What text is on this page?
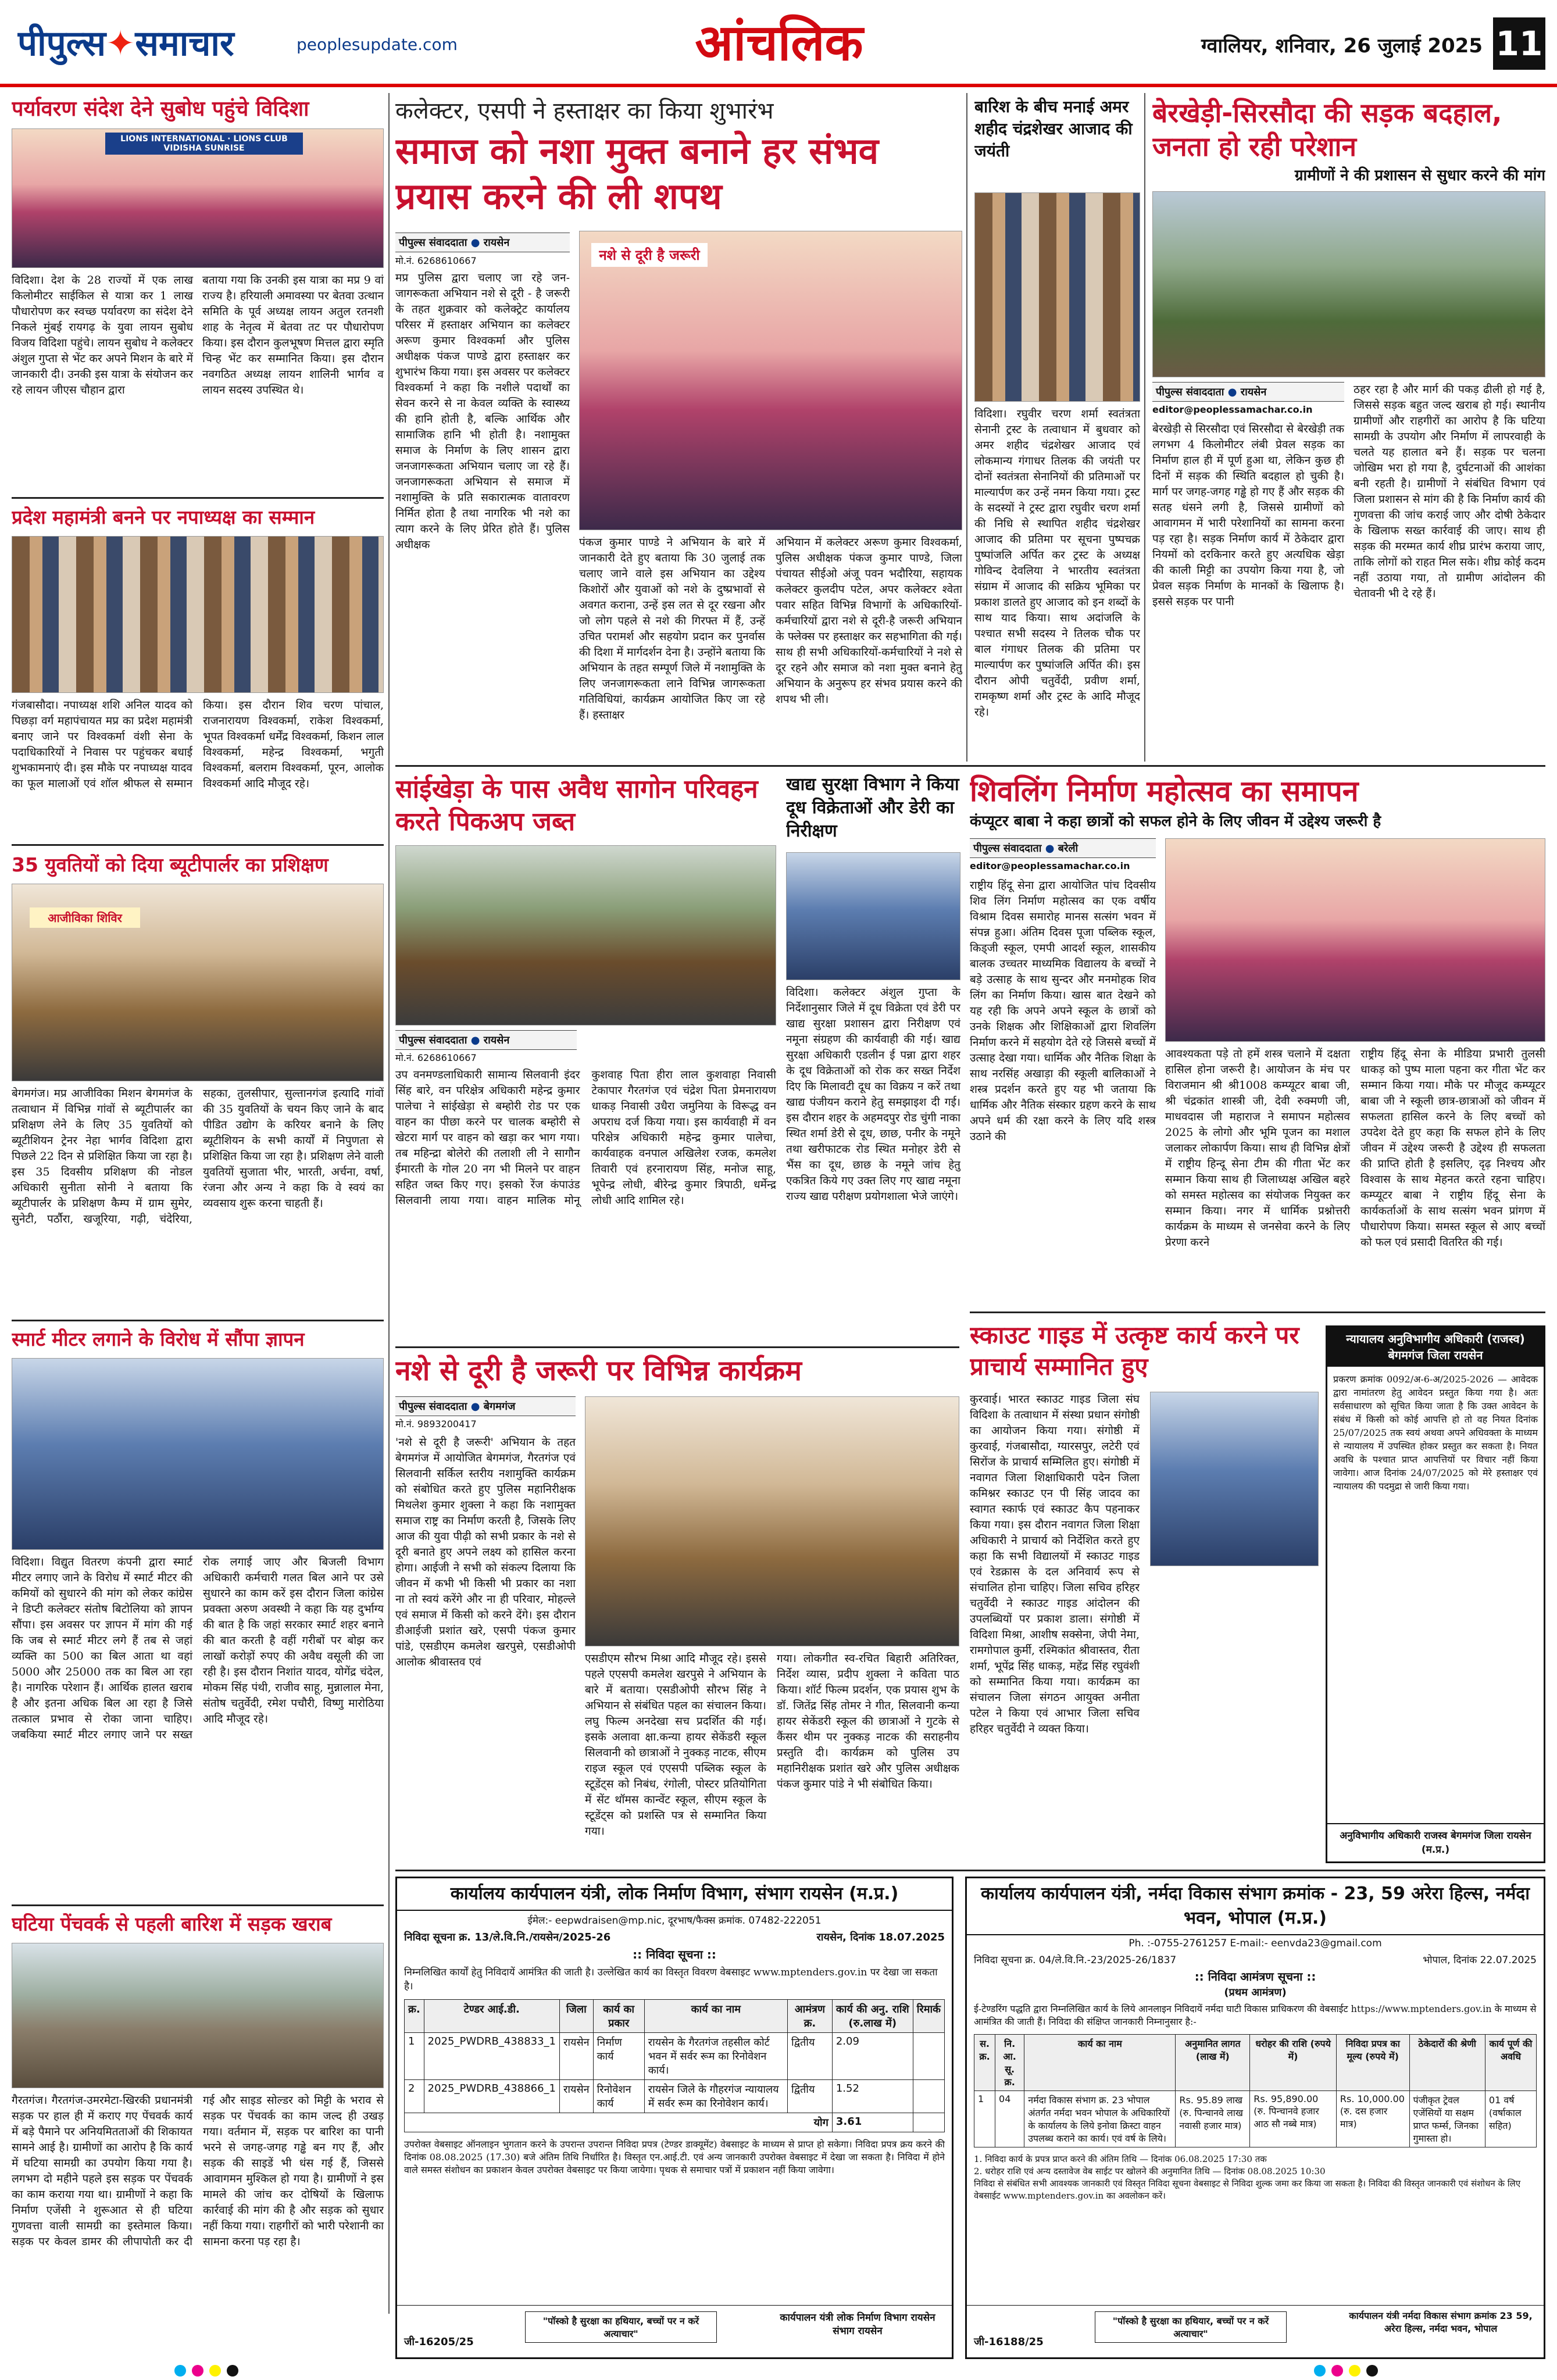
पीपुल्स✦समाचार	peoplesupdate.com	आंचलिक	ग्वालियर, शनिवार, 26 जुलाई 2025 11
पर्यावरण संदेश देने सुबोध पहुंचे विदिशा
LIONS INTERNATIONAL · LIONS CLUB VIDISHA SUNRISE
विदिशा। देश के 28 राज्यों में एक लाख किलोमीटर साईकिल से यात्रा कर 1 लाख पौधारोपण कर स्वच्छ पर्यावरण का संदेश देने निकले मुंबई रायगढ़ के युवा लायन सुबोध विजय विदिशा पहुंचे। लायन सुबोध ने कलेक्टर अंशुल गुप्ता से भेंट कर अपने मिशन के बारे में जानकारी दी। उनकी इस यात्रा के संयोजन कर रहे लायन जीएस चौहान द्वारा
बताया गया कि उनकी इस यात्रा का मप्र 9 वां राज्य है। हरियाली अमावस्या पर बेतवा उत्थान समिति के पूर्व अध्यक्ष लायन अतुल रतनशी शाह के नेतृत्व में बेतवा तट पर पौधारोपण किया। इस दौरान कुलभूषण मित्तल द्वारा स्मृति चिन्ह भेंट कर सम्मानित किया। इस दौरान नवगठित अध्यक्ष लायन शालिनी भार्गव व लायन सदस्य उपस्थित थे।
प्रदेश महामंत्री बनने पर नपाध्यक्ष का सम्मान
गंजबासौदा। नपाध्यक्ष शशि अनिल यादव को पिछड़ा वर्ग महापंचायत मप्र का प्रदेश महामंत्री बनाए जाने पर विश्वकर्मा वंशी सेना के पदाधिकारियों ने निवास पर पहुंचकर बधाई शुभकामनाएं दी। इस मौके पर नपाध्यक्ष यादव का फूल मालाओं एवं शॉल श्रीफल से सम्मान किया। इस दौरान शिव चरण पांचाल, राजनारायण विश्वकर्मा, राकेश विश्वकर्मा, भूपत विश्वकर्मा धर्मेंद्र विश्वकर्मा, किशन लाल विश्वकर्मा, महेन्द्र विश्वकर्मा, भगुती विश्वकर्मा, बलराम विश्वकर्मा, पूरन, आलोक विश्वकर्मा आदि मौजूद रहे।
35 युवतियों को दिया ब्यूटीपार्लर का प्रशिक्षण
आजीविका शिविर
बेगमगंज। मप्र आजीविका मिशन बेगमगंज के तत्वाधान में विभिन्न गांवों से ब्यूटीपार्लर का प्रशिक्षण लेने के लिए 35 युवतियों को ब्यूटीशियन ट्रेनर नेहा भार्गव विदिशा द्वारा पिछले 22 दिन से प्रशिक्षित किया जा रहा है। इस 35 दिवसीय प्रशिक्षण की नोडल अधिकारी सुनीता सोनी ने बताया कि ब्यूटीपार्लर के प्रशिक्षण कैम्प में ग्राम सुमेर, सुनेटी, पर्ठौरा, खजूरिया, गढ़ी, चंदेरिया, सहका, तुलसीपार, सुल्तानगंज इत्यादि गांवों की 35 युवतियों के चयन किए जाने के बाद पीडित उद्योग के करियर बनाने के लिए ब्यूटीशियन के सभी कार्यों में निपुणता से प्रशिक्षित किया जा रहा है। प्रशिक्षण लेने वाली युवतियों सुजाता भीर, भारती, अर्चना, वर्षा, रंजना और अन्य ने कहा कि वे स्वयं का व्यवसाय शुरू करना चाहती हैं।
स्मार्ट मीटर लगाने के विरोध में सौंपा ज्ञापन
विदिशा। विद्युत वितरण कंपनी द्वारा स्मार्ट मीटर लगाए जाने के विरोध में स्मार्ट मीटर की कमियों को सुधारने की मांग को लेकर कांग्रेस ने डिप्टी कलेक्टर संतोष बिटोलिया को ज्ञापन सौंपा। इस अवसर पर ज्ञापन में मांग की गई कि जब से स्मार्ट मीटर लगे हैं तब से जहां व्यक्ति का 500 का बिल आता था वहां 5000 और 25000 तक का बिल आ रहा है। नागरिक परेशान हैं। आर्थिक हालत खराब है और इतना अधिक बिल आ रहा है जिसे तत्काल प्रभाव से रोका जाना चाहिए। जबकिया स्मार्ट मीटर लगाए जाने पर सख्त रोक लगाई जाए और बिजली विभाग अधिकारी कर्मचारी गलत बिल आने पर उसे सुधारने का काम करें इस दौरान जिला कांग्रेस प्रवक्ता अरुण अवस्थी ने कहा कि यह दुर्भाग्य की बात है कि जहां सरकार स्मार्ट शहर बनाने की बात करती है वहीं गरीबों पर बोझ कर लाखों करोड़ों रुपए की अवैध वसूली की जा रही है। इस दौरान निशांत यादव, योगेंद्र चंदेल, मोकम सिंह पंथी, राजीव साहू, मुन्नालाल मेना, संतोष चतुर्वेदी, रमेश पचौरी, विष्णु मारोठिया आदि मौजूद रहे।
घटिया पेंचवर्क से पहली बारिश में सड़क खराब
गैरतगंज। गैरतगंज-उमरमेटा-खिरकी प्रधानमंत्री सड़क पर हाल ही में कराए गए पेंचवर्क कार्य में बड़े पैमाने पर अनियमितताओं की शिकायत सामने आई है। ग्रामीणों का आरोप है कि कार्य में घटिया सामग्री का उपयोग किया गया है। लगभग दो महीने पहले इस सड़क पर पेंचवर्क का काम कराया गया था। ग्रामीणों ने कहा कि निर्माण एजेंसी ने शुरूआत से ही घटिया गुणवत्ता वाली सामग्री का इस्तेमाल किया। सड़क पर केवल डामर की लीपापोती कर दी गई और साइड सोल्डर को मिट्टी के भराव से सड़क पर पेंचवर्क का काम जल्द ही उखड़ गया। वर्तमान में, सड़क पर बारिश का पानी भरने से जगह-जगह गड्ढे बन गए हैं, और सड़क की साइडें भी धंस गई हैं, जिससे आवागमन मुश्किल हो गया है। ग्रामीणों ने इस मामले की जांच कर दोषियों के खिलाफ कार्रवाई की मांग की है और सड़क को सुधार नहीं किया गया। राहगीरों को भारी परेशानी का सामना करना पड़ रहा है।
कलेक्टर, एसपी ने हस्ताक्षर का किया शुभारंभ
समाज को नशा मुक्त बनाने हर संभव प्रयास करने की ली शपथ
पीपुल्स संवाददाता ● रायसेन
मो.नं. 6268610667
मप्र पुलिस द्वारा चलाए जा रहे जन-जागरूकता अभियान नशे से दूरी - है जरूरी के तहत शुक्रवार को कलेक्ट्रेट कार्यालय परिसर में हस्ताक्षर अभियान का कलेक्टर अरूण कुमार विश्वकर्मा और पुलिस अधीक्षक पंकज पाण्डे द्वारा हस्ताक्षर कर शुभारंभ किया गया। इस अवसर पर कलेक्टर विश्वकर्मा ने कहा कि नशीले पदार्थों का सेवन करने से ना केवल व्यक्ति के स्वास्थ्य की हानि होती है, बल्कि आर्थिक और सामाजिक हानि भी होती है। नशामुक्त समाज के निर्माण के लिए शासन द्वारा जनजागरूकता अभियान चलाए जा रहे हैं। जनजागरूकता अभियान से समाज में नशामुक्ति के प्रति सकारात्मक वातावरण निर्मित होता है तथा नागरिक भी नशे का त्याग करने के लिए प्रेरित होते हैं। पुलिस अधीक्षक
नशे से दूरी है जरूरी
पंकज कुमार पाण्डे ने अभियान के बारे में जानकारी देते हुए बताया कि 30 जुलाई तक चलाए जाने वाले इस अभियान का उद्देश्य किशोरों और युवाओं को नशे के दुष्प्रभावों से अवगत कराना, उन्हें इस लत से दूर रखना और जो लोग पहले से नशे की गिरफ्त में हैं, उन्हें उचित परामर्श और सहयोग प्रदान कर पुनर्वास की दिशा में मार्गदर्शन देना है। उन्होंने बताया कि अभियान के तहत सम्पूर्ण जिले में नशामुक्ति के लिए जनजागरूकता लाने विभिन्न जागरूकता गतिविधियां, कार्यक्रम आयोजित किए जा रहे हैं। हस्ताक्षर
अभियान में कलेक्टर अरूण कुमार विश्वकर्मा, पुलिस अधीक्षक पंकज कुमार पाण्डे, जिला पंचायत सीईओ अंजू पवन भदौरिया, सहायक कलेक्टर कुलदीप पटेल, अपर कलेक्टर श्वेता पवार सहित विभिन्न विभागों के अधिकारियों-कर्मचारियों द्वारा नशे से दूरी-है जरूरी अभियान के फ्लेक्स पर हस्ताक्षर कर सहभागिता की गई। साथ ही सभी अधिकारियों-कर्मचारियों ने नशे से दूर रहने और समाज को नशा मुक्त बनाने हेतु अभियान के अनुरूप हर संभव प्रयास करने की शपथ भी ली।
बारिश के बीच मनाई अमर शहीद चंद्रशेखर आजाद की जयंती
विदिशा। रघुवीर चरण शर्मा स्वतंत्रता सेनानी ट्रस्ट के तत्वाधान में बुधवार को अमर शहीद चंद्रशेखर आजाद एवं लोकमान्य गंगाधर तिलक की जयंती पर दोनों स्वतंत्रता सेनानियों की प्रतिमाओं पर माल्यार्पण कर उन्हें नमन किया गया। ट्रस्ट के सदस्यों ने ट्रस्ट द्वारा रघुवीर चरण शर्मा की निधि से स्थापित शहीद चंद्रशेखर आजाद की प्रतिमा पर सूचना पुष्पचक्र पुष्पांजलि अर्पित कर ट्रस्ट के अध्यक्ष गोविन्द देवलिया ने भारतीय स्वतंत्रता संग्राम में आजाद की सक्रिय भूमिका पर प्रकाश डालते हुए आजाद को इन शब्दों के साथ याद किया। साथ अदांजलि के पश्चात सभी सदस्य ने तिलक चौक पर बाल गंगाधर तिलक की प्रतिमा पर माल्यार्पण कर पुष्पांजलि अर्पित की। इस दौरान ओपी चतुर्वेदी, प्रवीण शर्मा, रामकृष्ण शर्मा और ट्रस्ट के आदि मौजूद रहे।
बेरखेड़ी-सिरसौदा की सड़क बदहाल, जनता हो रही परेशान
ग्रामीणों ने की प्रशासन से सुधार करने की मांग
पीपुल्स संवाददाता ● रायसेन
editor@peoplessamachar.co.in
बेरखेड़ी से सिरसौदा एवं सिरसौदा से बेरखेड़ी तक लगभग 4 किलोमीटर लंबी प्रेवल सड़क का निर्माण हाल ही में पूर्ण हुआ था, लेकिन कुछ ही दिनों में सड़क की स्थिति बदहाल हो चुकी है। मार्ग पर जगह-जगह गड्ढे हो गए हैं और सड़क की सतह धंसने लगी है, जिससे ग्रामीणों को आवागमन में भारी परेशानियों का सामना करना पड़ रहा है। सड़क निर्माण कार्य में ठेकेदार द्वारा नियमों को दरकिनार करते हुए अत्यधिक खेड़ा की काली मिट्टी का उपयोग किया गया है, जो प्रेवल सड़क निर्माण के मानकों के खिलाफ है। इससे सड़क पर पानी
ठहर रहा है और मार्ग की पकड़ ढीली हो गई है, जिससे सड़क बहुत जल्द खराब हो गई। स्थानीय ग्रामीणों और राहगीरों का आरोप है कि घटिया सामग्री के उपयोग और निर्माण में लापरवाही के चलते यह हालात बने हैं। सड़क पर चलना जोखिम भरा हो गया है, दुर्घटनाओं की आशंका बनी रहती है। ग्रामीणों ने संबंधित विभाग एवं जिला प्रशासन से मांग की है कि निर्माण कार्य की गुणवत्ता की जांच कराई जाए और दोषी ठेकेदार के खिलाफ सख्त कार्रवाई की जाए। साथ ही सड़क की मरम्मत कार्य शीघ्र प्रारंभ कराया जाए, ताकि लोगों को राहत मिल सके। शीघ्र कोई कदम नहीं उठाया गया, तो ग्रामीण आंदोलन की चेतावनी भी दे रहे हैं।
सांईखेड़ा के पास अवैध सागोन परिवहन करते पिकअप जब्त
पीपुल्स संवाददाता ● रायसेन
मो.नं. 6268610667
उप वनमण्डलाधिकारी सामान्य सिलवानी इंदर सिंह बारे, वन परिक्षेत्र अधिकारी महेन्द्र कुमार पालेचा ने सांईखेड़ा से बम्होरी रोड पर एक वाहन का पीछा करने पर चालक बम्होरी से खेटरा मार्ग पर वाहन को खड़ा कर भाग गया। तब महिन्द्रा बोलेरो की तलाशी ली ने सागौन ईमारती के गोल 20 नग भी मिलने पर वाहन सहित जब्त किए गए। इसको रेंज कंपाउंड सिलवानी लाया गया। वाहन मालिक मोनू कुशवाह पिता हीरा लाल कुशवाहा निवासी टेकापार गैरतगंज एवं चंद्रेश पिता प्रेमनारायण धाकड़ निवासी उधैरा जमुनिया के विरूद्ध वन अपराध दर्ज किया गया। इस कार्यवाही में वन परिक्षेत्र अधिकारी महेन्द्र कुमार पालेचा, कार्यवाहक वनपाल अखिलेश रजक, कमलेश तिवारी एवं हरनारायण सिंह, मनोज साहू, भूपेन्द्र लोधी, बीरेन्द्र कुमार त्रिपाठी, धर्मेन्द्र लोधी आदि शामिल रहे।
खाद्य सुरक्षा विभाग ने किया दूध विक्रेताओं और डेरी का निरीक्षण
विदिशा। कलेक्टर अंशुल गुप्ता के निर्देशानुसार जिले में दूध विक्रेता एवं डेरी पर खाद्य सुरक्षा प्रशासन द्वारा निरीक्षण एवं नमूना संग्रहण की कार्यवाही की गई। खाद्य सुरक्षा अधिकारी एडलीन ई पन्ना द्वारा शहर के दूध विक्रेताओं को रोक कर सख्त निर्देश दिए कि मिलावटी दूध का विक्रय न करें तथा खाद्य पंजीयन कराने हेतु समझाइश दी गई। इस दौरान शहर के अहमदपुर रोड चुंगी नाका स्थित शर्मा डेरी से दूध, छाछ, पनीर के नमूने तथा खरीफाटक रोड स्थित मनोहर डेरी से भैंस का दूध, छाछ के नमूने जांच हेतु एकत्रित किये गए उक्त लिए गए खाद्य नमूना राज्य खाद्य परीक्षण प्रयोगशाला भेजे जाएंगे।
शिवलिंग निर्माण महोत्सव का समापन
कंप्यूटर बाबा ने कहा छात्रों को सफल होने के लिए जीवन में उद्देश्य जरूरी है
पीपुल्स संवाददाता ● बरेली
editor@peoplessamachar.co.in
राष्ट्रीय हिंदू सेना द्वारा आयोजित पांच दिवसीय शिव लिंग निर्माण महोत्सव का एक वर्षीय विश्राम दिवस समारोह मानस सत्संग भवन में संपन्न हुआ। अंतिम दिवस पूजा पब्लिक स्कूल, किड्जी स्कूल, एमपी आदर्श स्कूल, शासकीय बालक उच्चतर माध्यमिक विद्यालय के बच्चों ने बड़े उत्साह के साथ सुन्दर और मनमोहक शिव लिंग का निर्माण किया। खास बात देखने को यह रही कि अपने अपने स्कूल के छात्रों को उनके शिक्षक और शिक्षिकाओं द्वारा शिवलिंग निर्माण करने में सहयोग देते रहे जिससे बच्चों में उत्साह देखा गया। धार्मिक और नैतिक शिक्षा के साथ नरसिंह अखाड़ा की स्कूली बालिकाओं ने शस्त्र प्रदर्शन करते हुए यह भी जताया कि धार्मिक और नैतिक संस्कार ग्रहण करने के साथ अपने धर्म की रक्षा करने के लिए यदि शस्त्र उठाने की
आवश्यकता पड़े तो हमें शस्त्र चलाने में दक्षता हासिल होना जरूरी है। आयोजन के मंच पर विराजमान श्री श्री1008 कम्प्यूटर बाबा जी, श्री चंद्रकांत शास्त्री जी, देवी रुक्मणी जी, माधवदास जी महाराज ने समापन महोत्सव 2025 के लोगो और भूमि पूजन का मशाल जलाकर लोकार्पण किया। साथ ही विभिन्न क्षेत्रों में राष्ट्रीय हिन्दू सेना टीम की गीता भेंट कर सम्मान किया साथ ही जिलाध्यक्ष अखिल बहरे को समस्त महोत्सव का संयोजक नियुक्त कर सम्मान किया। नगर में धार्मिक प्रश्नोत्तरी कार्यक्रम के माध्यम से जनसेवा करने के लिए प्रेरणा करने
राष्ट्रीय हिंदू सेना के मीडिया प्रभारी तुलसी धाकड़ को पुष्प माला पहना कर गीता भेंट कर सम्मान किया गया। मौके पर मौजूद कम्प्यूटर बाबा जी ने स्कूली छात्र-छात्राओं को जीवन में सफलता हासिल करने के लिए बच्चों को उपदेश देते हुए कहा कि सफल होने के लिए जीवन में उद्देश्य जरूरी है उद्देश्य ही सफलता की प्राप्ति होती है इसलिए, दृढ़ निश्चय और विश्वास के साथ मेहनत करते रहना चाहिए। कम्प्यूटर बाबा ने राष्ट्रीय हिंदू सेना के कार्यकर्ताओं के साथ सत्संग भवन प्रांगण में पौधारोपण किया। समस्त स्कूल से आए बच्चों को फल एवं प्रसादी वितरित की गई।
नशे से दूरी है जरूरी पर विभिन्न कार्यक्रम
पीपुल्स संवाददाता ● बेगमगंज
मो.नं. 9893200417
'नशे से दूरी है जरूरी' अभियान के तहत बेगमगंज में आयोजित बेगमगंज, गैरतगंज एवं सिलवानी सर्किल स्तरीय नशामुक्ति कार्यक्रम को संबोधित करते हुए पुलिस महानिरीक्षक मिथलेश कुमार शुक्ला ने कहा कि नशामुक्त समाज राष्ट्र का निर्माण करती है, जिसके लिए आज की युवा पीढ़ी को सभी प्रकार के नशे से दूरी बनाते हुए अपने लक्ष्य को हासिल करना होगा। आईजी ने सभी को संकल्प दिलाया कि जीवन में कभी भी किसी भी प्रकार का नशा ना तो स्वयं करेंगे और ना ही परिवार, मोहल्ले एवं समाज में किसी को करने देंगे। इस दौरान डीआईजी प्रशांत खरे, एसपी पंकज कुमार पांडे, एसडीएम कमलेश खरपुसे, एसडीओपी आलोक श्रीवास्तव एवं	एसडीएम सौरभ मिश्रा आदि मौजूद रहे। इससे पहले एएसपी कमलेश खरपुसे ने अभियान के बारे में बताया। एसडीओपी सौरभ सिंह ने अभियान से संबंधित पहल का संचालन किया। लघु फिल्म अनदेखा सच प्रदर्शित की गई। इसके अलावा क्षा.कन्या हायर सेकेंडरी स्कूल सिलवानी को छात्राओं ने नुक्कड़ नाटक, सीएम राइज स्कूल एवं एएसपी पब्लिक स्कूल के स्टूडेंट्स को निबंध, रंगोली, पोस्टर प्रतियोगिता में सेंट थॉमस कान्वेंट स्कूल, सीएम स्कूल के स्टूडेंट्स को प्रशस्ति पत्र से सम्मानित किया गया।
गया। लोकगीत स्व-रचित बिहारी अतिरिक्त, निर्देश व्यास, प्रदीप शुक्ला ने कविता पाठ किया। शॉर्ट फिल्म प्रदर्शन, एक प्रयास शुभ के डॉ. जितेंद्र सिंह तोमर ने गीत, सिलवानी कन्या हायर सेकेंडरी स्कूल की छात्राओं ने गुटके से कैंसर थीम पर नुक्कड़ नाटक की सराहनीय प्रस्तुति दी। कार्यक्रम को पुलिस उप महानिरीक्षक प्रशांत खरे और पुलिस अधीक्षक पंकज कुमार पांडे ने भी संबोधित किया।
स्काउट गाइड में उत्कृष्ट कार्य करने पर प्राचार्य सम्मानित हुए
कुरवाई। भारत स्काउट गाइड जिला संघ विदिशा के तत्वाधान में संस्था प्रधान संगोष्ठी का आयोजन किया गया। संगोष्ठी में कुरवाई, गंजबासौदा, ग्यारसपुर, लटेरी एवं सिरोंज के प्राचार्य सम्मिलित हुए। संगोष्ठी में नवागत जिला शिक्षाधिकारी पदेन जिला कमिश्नर स्काउट एन पी सिंह जादव का स्वागत स्कार्फ एवं स्काउट कैप पहनाकर किया गया। इस दौरान नवागत जिला शिक्षा अधिकारी ने प्राचार्य को निर्देशित करते हुए कहा कि सभी विद्यालयों में स्काउट गाइड एवं रेडक्रास के दल अनिवार्य रूप से संचालित होना चाहिए। जिला सचिव हरिहर चतुर्वेदी ने स्काउट गाइड आंदोलन की उपलब्धियों पर प्रकाश डाला। संगोष्ठी में विदिशा मिश्रा, आशीष सक्सेना, जेपी नेमा, रामगोपाल कुर्मी, रश्मिकांत श्रीवास्तव, रीता शर्मा, भूपेंद्र सिंह धाकड़, महेंद्र सिंह रघुवंशी को सम्मानित किया गया। कार्यक्रम का संचालन जिला संगठन आयुक्त अनीता पटेल ने किया एवं आभार जिला सचिव हरिहर चतुर्वेदी ने व्यक्त किया।
न्यायालय अनुविभागीय अधिकारी (राजस्व) बेगमगंज जिला रायसेन
प्रकरण क्रमांक 0092/अ-6-अ/2025-2026 — आवेदक द्वारा नामांतरण हेतु आवेदन प्रस्तुत किया गया है। अतः सर्वसाधारण को सूचित किया जाता है कि उक्त आवेदन के संबंध में किसी को कोई आपत्ति हो तो वह नियत दिनांक 25/07/2025 तक स्वयं अथवा अपने अधिवक्ता के माध्यम से न्यायालय में उपस्थित होकर प्रस्तुत कर सकता है। नियत अवधि के पश्चात प्राप्त आपत्तियों पर विचार नहीं किया जावेगा। आज दिनांक 24/07/2025 को मेरे हस्ताक्षर एवं न्यायालय की पदमुद्रा से जारी किया गया।
अनुविभागीय अधिकारी राजस्व बेगमगंज जिला रायसेन (म.प्र.)
कार्यालय कार्यपालन यंत्री, लोक निर्माण विभाग, संभाग रायसेन (म.प्र.)
ईमेल:- eepwdraisen@mp.nic, दूरभाष/फैक्स क्रमांक. 07482-222051
निविदा सूचना क्र. 13/ले.वि.नि./रायसेन/2025-26	रायसेन, दिनांक 18.07.2025
:: निविदा सूचना ::
निम्नलिखित कार्यों हेतु निविदायें आमंत्रित की जाती है। उल्लेखित कार्य का विस्तृत विवरण वेबसाइट www.mptenders.gov.in पर देखा जा सकता है।
क्र.	टेण्डर आई.डी.	जिला	कार्य का प्रकार	कार्य का नाम	आमंत्रण क्र.	कार्य की अनु. राशि (रु.लाख में)	रिमार्क
1	2025_PWDRB_438833_1	रायसेन	निर्माण कार्य	रायसेन के गैरतगंज तहसील कोर्ट भवन में सर्वर रूम का रिनोवेशन कार्य।	द्वितीय	2.09	
2	2025_PWDRB_438866_1	रायसेन	रिनोवेशन कार्य	रायसेन जिले के गौहरगंज न्यायालय में सर्वर रूम का रिनोवेशन कार्य।	द्वितीय	1.52	
योग						3.61	
उपरोक्त वेबसाइट ऑनलाइन भुगतान करने के उपरान्त उपरान्त निविदा प्रपत्र (टेण्डर डाक्यूमेंट) वेबसाइट के माध्यम से प्राप्त हो सकेगा। निविदा प्रपत्र क्रय करने की दिनांक 08.08.2025 (17.30) बजे अंतिम तिथि निर्धारित है। विस्तृत एन.आई.टी. एवं अन्य जानकारी उपरोक्त वेबसाइट में देखा जा सकता है। निविदा में होने वाले समस्त संशोधन का प्रकाशन केवल उपरोक्त वेबसाइट पर किया जायेगा। पृथक से समाचार पत्रों में प्रकाशन नहीं किया जावेगा।
जी-16205/25
"पॉस्को है सुरक्षा का हथियार, बच्चों पर न करें अत्याचार"
कार्यपालन यंत्री लोक निर्माण विभाग रायसेन संभाग रायसेन
कार्यालय कार्यपालन यंत्री, नर्मदा विकास संभाग क्रमांक - 23, 59 अरेरा हिल्स, नर्मदा भवन, भोपाल (म.प्र.)
Ph. :-0755-2761257 E-mail:- eenvda23@gmail.com
निविदा सूचना क्र. 04/ले.वि.नि.-23/2025-26/1837	भोपाल, दिनांक 22.07.2025
:: निविदा आमंत्रण सूचना ::
(प्रथम आमंत्रण)
ई-टेण्डरिंग पद्धति द्वारा निम्नलिखित कार्य के लिये आनलाइन निविदायें नर्मदा घाटी विकास प्राधिकरण की वेबसाईट https://www.mptenders.gov.in के माध्यम से आमंत्रित की जाती हैं। निविदा की संक्षिप्त जानकारी निम्नानुसार है:-
स. क्र.	नि. आ. सू. क्र.	कार्य का नाम	अनुमानित लागत (लाख में)	धरोहर की राशि (रुपये में)	निविदा प्रपत्र का मूल्य (रुपये में)	ठेकेदारों की श्रेणी	कार्य पूर्ण की अवधि
1	04	नर्मदा विकास संभाग क्र. 23 भोपाल अंतर्गत नर्मदा भवन भोपाल के अधिकारियों के कार्यालय के लिये इनोवा क्रिस्टा वाहन उपलब्ध कराने का कार्य। एवं वर्ष के लिये।	Rs. 95.89 लाख (रु. पिन्चानवे लाख नवासी हजार मात्र)	Rs. 95,890.00 (रु. पिन्चानवे हजार आठ सौ नब्बे मात्र)	Rs. 10,000.00 (रु. दस हजार मात्र)	पंजीकृत ट्रेवल एजेंसियों या सक्षम प्राप्त फर्म्स, जिनका गुमास्ता हो।	01 वर्ष (वर्षाकाल सहित)
1. निविदा कार्य के प्रपत्र प्राप्त करने की अंतिम तिथि — दिनांक 06.08.2025 17:30 तक
2. धरोहर राशि एवं अन्य दस्तावेज वेब साईट पर खोलने की अनुमानित तिथि — दिनांक 08.08.2025 10:30
निविदा से संबंधित सभी आवश्यक जानकारी एवं विस्तृत निविदा सूचना वेबसाइट से निविदा शुल्क जमा कर किया जा सकता है। निविदा की विस्तृत जानकारी एवं संशोधन के लिए वेबसाईट www.mptenders.gov.in का अवलोकन करें।
जी-16188/25
"पॉस्को है सुरक्षा का हथियार, बच्चों पर न करें अत्याचार"
कार्यपालन यंत्री नर्मदा विकास संभाग क्रमांक 23 59, अरेरा हिल्स, नर्मदा भवन, भोपाल
